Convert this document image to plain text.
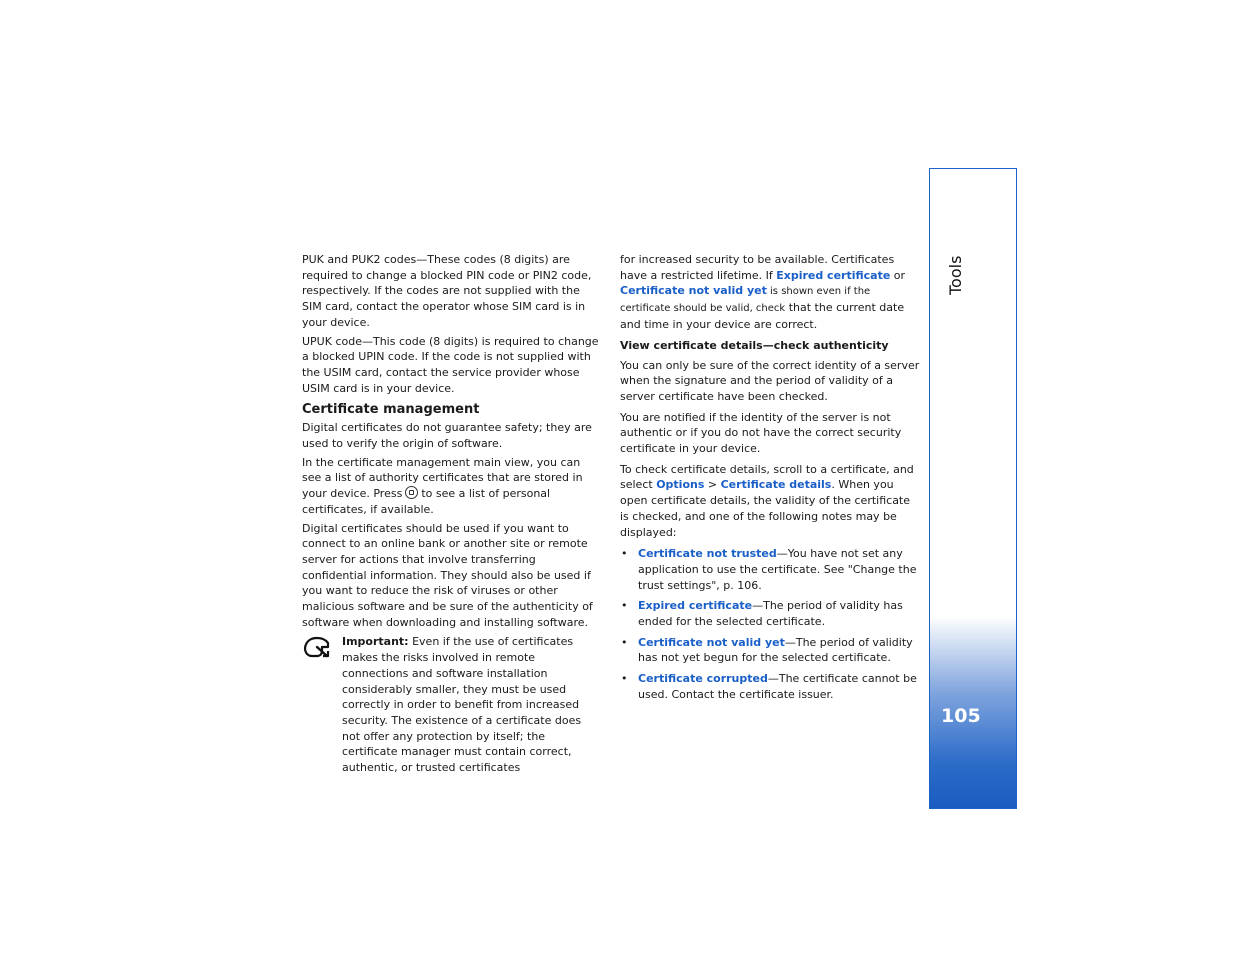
PUK and PUK2 codes—These codes (8 digits) are required to change a blocked PIN code or PIN2 code, respectively. If the codes are not supplied with the SIM card, contact the operator whose SIM card is in your device.

UPUK code—This code (8 digits) is required to change a blocked UPIN code. If the code is not supplied with the USIM card, contact the service provider whose USIM card is in your device.

Certificate management

Digital certificates do not guarantee safety; they are used to verify the origin of software.

In the certificate management main view, you can see a list of authority certificates that are stored in your device. Press to see a list of personal certificates, if available.

Digital certificates should be used if you want to connect to an online bank or another site or remote server for actions that involve transferring confidential information. They should also be used if you want to reduce the risk of viruses or other malicious software and be sure of the authenticity of software when downloading and installing software.

Important: Even if the use of certificates makes the risks involved in remote connections and software installation considerably smaller, they must be used correctly in order to benefit from increased security. The existence of a certificate does not offer any protection by itself; the certificate manager must contain correct, authentic, or trusted certificates

for increased security to be available. Certificates have a restricted lifetime. If Expired certificate or Certificate not valid yet is shown even if the certificate should be valid, check that the current date and time in your device are correct.

View certificate details—check authenticity

You can only be sure of the correct identity of a server when the signature and the period of validity of a server certificate have been checked.

You are notified if the identity of the server is not authentic or if you do not have the correct security certificate in your device.

To check certificate details, scroll to a certificate, and select Options > Certificate details. When you open certificate details, the validity of the certificate is checked, and one of the following notes may be displayed:

• Certificate not trusted—You have not set any application to use the certificate. See "Change the trust settings", p. 106.
• Expired certificate—The period of validity has ended for the selected certificate.
• Certificate not valid yet—The period of validity has not yet begun for the selected certificate.
• Certificate corrupted—The certificate cannot be used. Contact the certificate issuer.
Tools
105
